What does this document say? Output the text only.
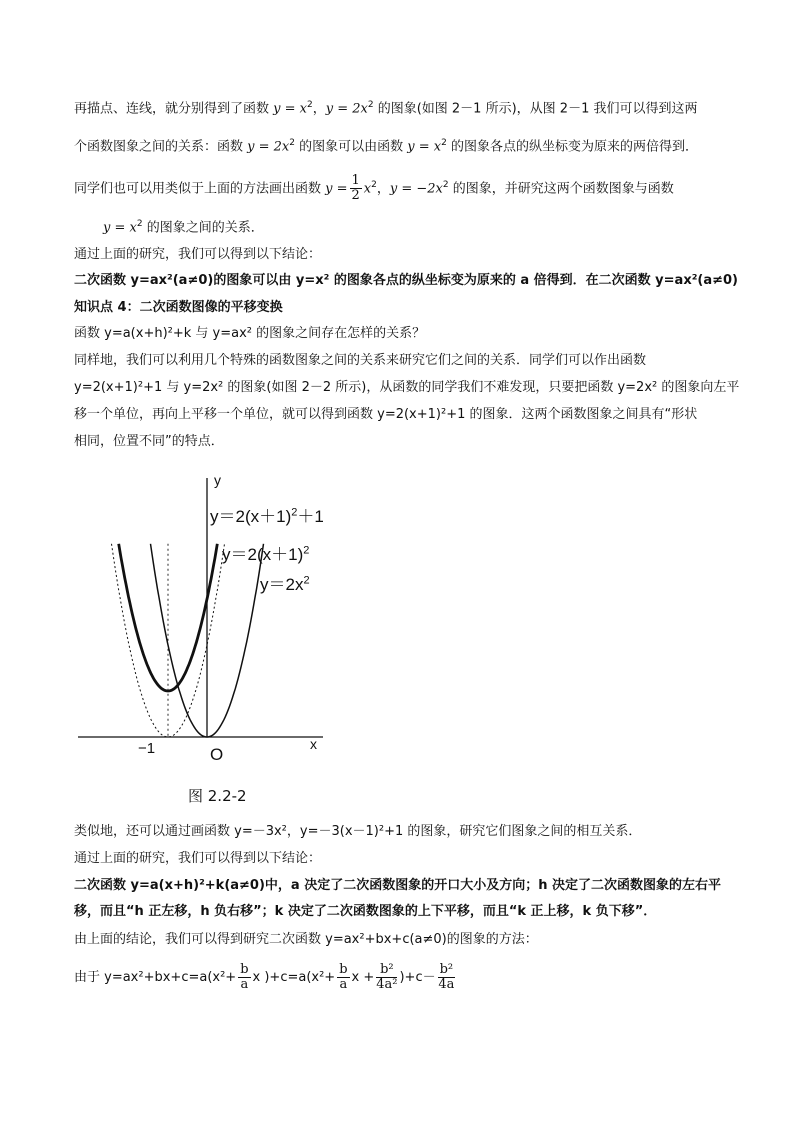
再描点、连线，就分别得到了函数 $y = x^2$，$y = 2x^2$ 的图象(如图 2－1 所示)，从图 2－1 我们可以得到这两
个函数图象之间的关系：函数 $y = 2x^2$ 的图象可以由函数 $y = x^2$ 的图象各点的纵坐标变为原来的两倍得到．
同学们也可以用类似于上面的方法画出函数 $y = \frac{1}{2} x^2$，$y = -2x^2$ 的图象，并研究这两个函数图象与函数
$y = x^2$ 的图象之间的关系．
通过上面的研究，我们可以得到以下结论：
二次函数 y=ax²(a≠0)的图象可以由 y=x² 的图象各点的纵坐标变为原来的 a 倍得到．在二次函数 y=ax²(a≠0)
知识点 4：二次函数图像的平移变换
函数 y=a(x+h)²+k 与 y=ax² 的图象之间存在怎样的关系？
同样地，我们可以利用几个特殊的函数图象之间的关系来研究它们之间的关系．同学们可以作出函数
y=2(x+1)²+1 与 y=2x² 的图象(如图 2－2 所示)，从函数的同学我们不难发现，只要把函数 y=2x² 的图象向左平
移一个单位，再向上平移一个单位，就可以得到函数 y=2(x+1)²+1 的图象．这两个函数图象之间具有“形状
相同，位置不同”的特点．
y
x
O
−1
$y=2(x+1)^2+1$
$y=2(x+1)^2$
$y=2x^2$
图 2.2-2
类似地，还可以通过画函数 y=－3x²，y=－3(x－1)²+1 的图象，研究它们图象之间的相互关系．
通过上面的研究，我们可以得到以下结论：
二次函数 y=a(x+h)²+k(a≠0)中，a 决定了二次函数图象的开口大小及方向；h 决定了二次函数图象的左右平
移，而且“h 正左移，h 负右移”；k 决定了二次函数图象的上下平移，而且“k 正上移，k 负下移”．
由上面的结论，我们可以得到研究二次函数 y=ax²+bx+c(a≠0)的图象的方法：
由于 $y=ax^2+bx+c=a(x^2+ \frac{b}{a}$ x )$+c=a(x^2+ \frac{b}{a}$ $x + \frac{\text{b²}}{\text{4a²}} )+c- \frac{\text{b²}}{4a}$
